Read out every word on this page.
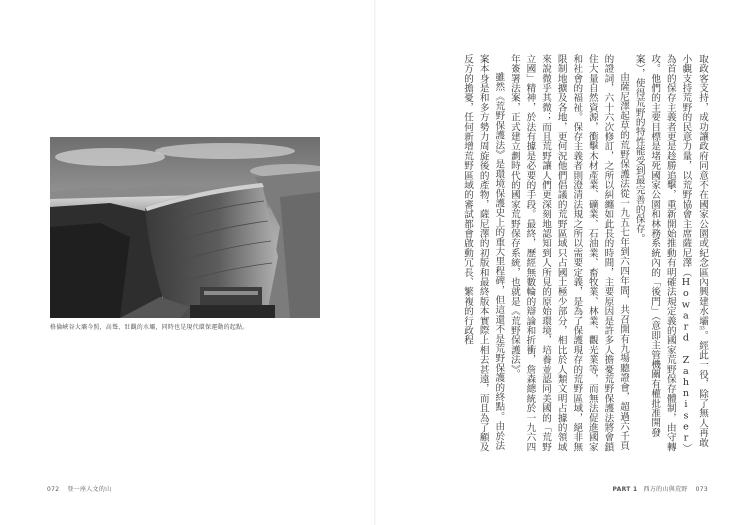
格倫峽谷大壩今照，高聳、壯觀的水壩，同時也是現代環保運動的起點。
072 登一座人文的山

取政客支持，成功讓政府同意不在國家公園或紀念區內興建水壩33。經此一役，除了無人再敢小覷支持荒野的民意力量，以荒野協會主席薩尼澤（Howard Zahniser）為首的保存主義者更是趁勝追擊，重新開始推動有明確法規定義的國家荒野保存體制，由守轉攻。他們的主要目標是堵死國家公園和林務系統內的「後門」（意即主管機關有權批准開發案），使得荒野的特性能受到最完善的保存。

由薩尼澤起草的荒野保護法從一九五七年到六四年間，共召開有九場聽證會，超過六千頁的證詞，六十六次修訂，之所以糾纏如此長的時間，主要原因是許多人擔憂荒野保護法將會鎖住大量自然資源，衝擊木材產業、礦業、石油業、畜牧業、林業、觀光業等，而無法促進國家和社會的福祉。保存主義者則澄清法規之所以需要定義，是為了保護現存的荒野區域，絕非無限制地擴及各地，更何況他們倡議的荒野區域只占國土極少部分，相比於人類文明占據的領域來說微乎其微；而且荒野讓人們更深刻地認知到人所見的原始環境，培養並認同美國的「荒野立國」精神，於法有據是必要的手段。最終，歷經無數輪的辯論和折衝，詹森總統於一九六四年簽署法案，正式建立劃時代的國家荒野保存系統，也就是《荒野保護法》。

雖然《荒野保護法》是環境保護史上的重大里程碑，但這還不是荒野保護的終點。由於法案本身是和多方勢力周旋後的產物，薩尼澤的初版和最終版本實際上相去甚遠，而且為了顧及反方的擔憂，任何新增荒野區域的審試都會啟動冗長、繁複的行政程

PART 1 西方的山與荒野 073
